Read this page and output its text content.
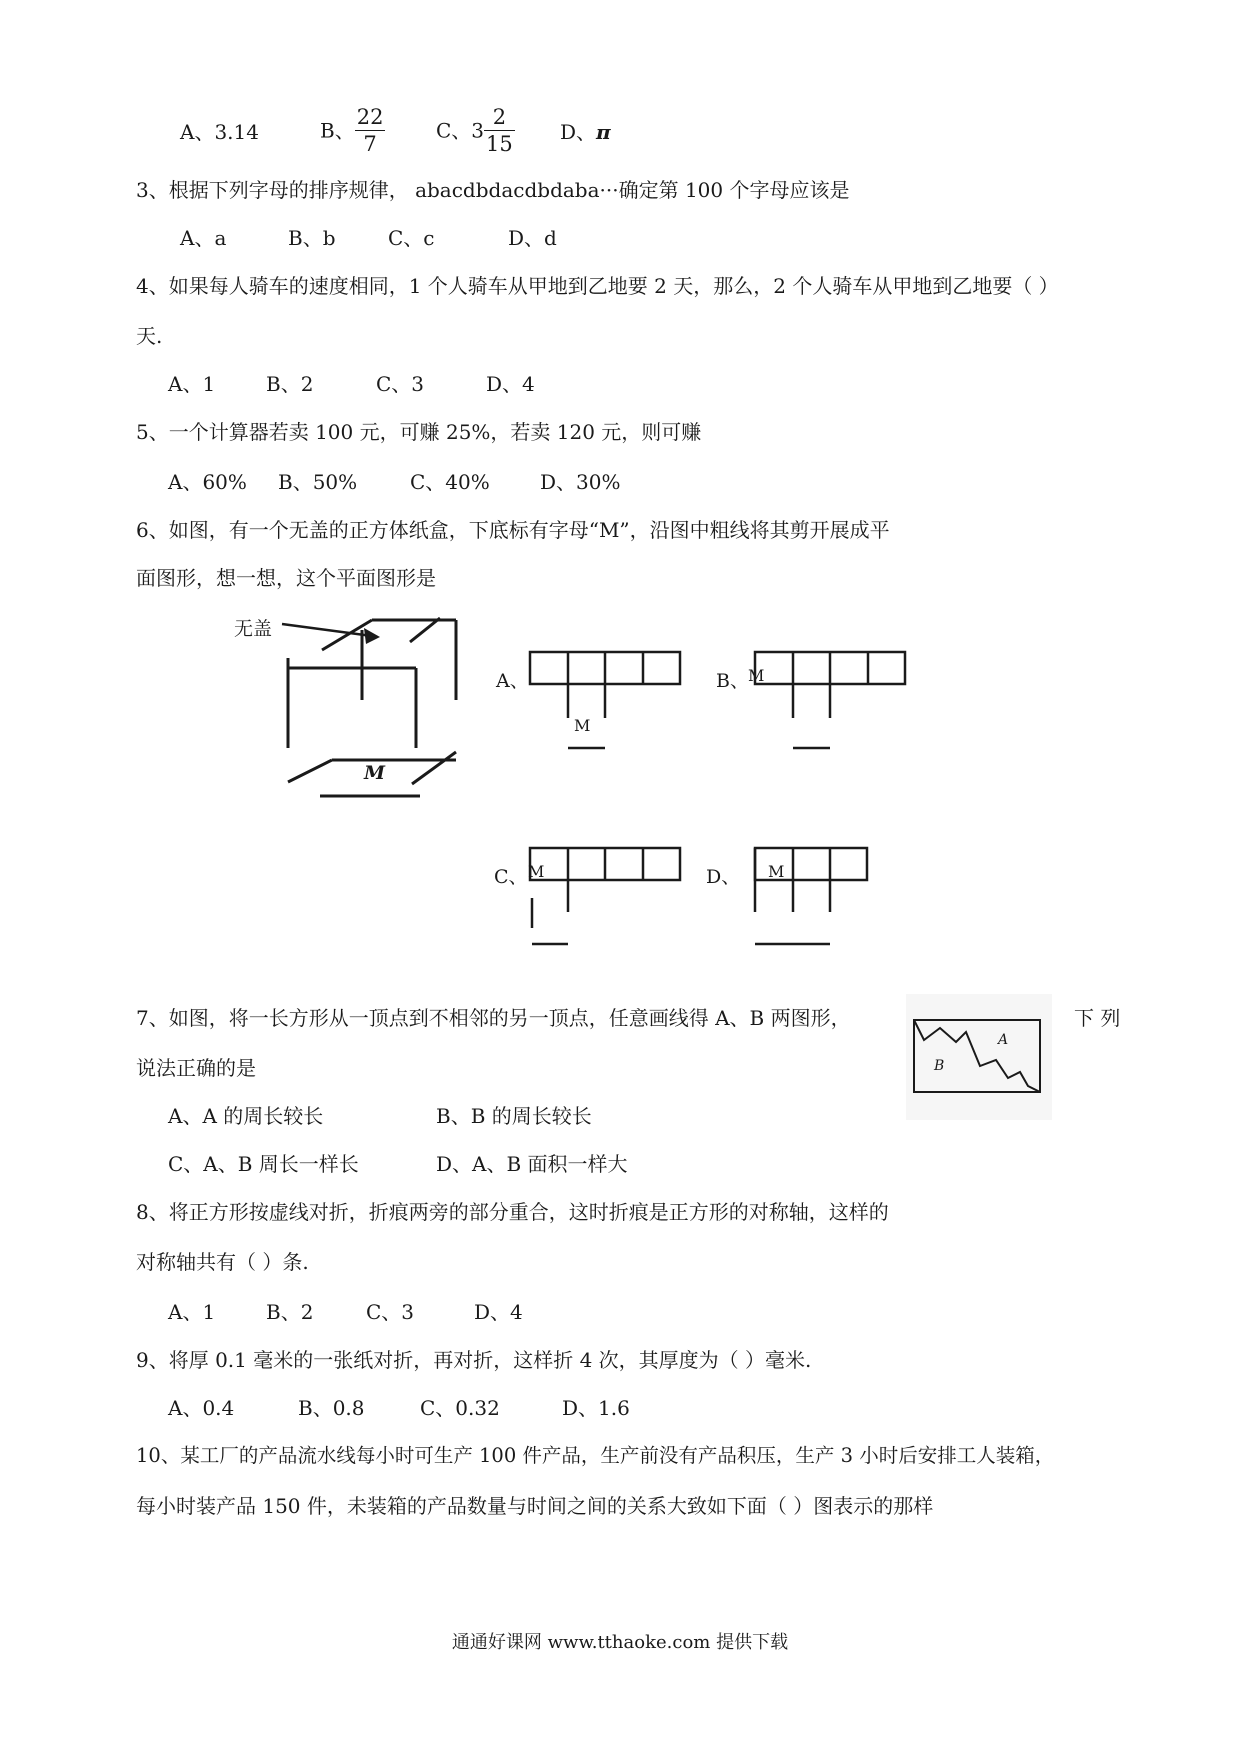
A、3.14	B、 $\frac{22}{7}$	C、$3 \frac{2}{15}$ D、π
3、根据下列字母的排序规律， abacdbdacdbdaba···确定第 100 个字母应该是
A、a	B、b	C、c	D、d
4、如果每人骑车的速度相同，1 个人骑车从甲地到乙地要 2 天，那么，2 个人骑车从甲地到乙地要（ ）
天.
A、1	B、2	C、3	D、4
5、一个计算器若卖 100 元，可赚 25%，若卖 120 元，则可赚
A、60% B、50%	C、40%	D、30%
6、如图，有一个无盖的正方体纸盒，下底标有字母“M”，沿图中粗线将其剪开展成平
面图形，想一想，这个平面图形是
无盖
M
A、
M
B、 M
C、 M	D、 M
7、如图，将一长方形从一顶点到不相邻的另一顶点，任意画线得 A、B 两图形，	下 列
说法正确的是
A
B
A、A 的周长较长	B、B 的周长较长
C、A、B 周长一样长	D、A、B 面积一样大
8、将正方形按虚线对折，折痕两旁的部分重合，这时折痕是正方形的对称轴，这样的
对称轴共有（ ）条.
A、1	B、2	C、3	D、4
9、将厚 0.1 毫米的一张纸对折，再对折，这样折 4 次，其厚度为（ ）毫米.
A、0.4	B、0.8	C、0.32	D、1.6
10、某工厂的产品流水线每小时可生产 100 件产品，生产前没有产品积压，生产 3 小时后安排工人装箱，
每小时装产品 150 件，未装箱的产品数量与时间之间的关系大致如下面（ ）图表示的那样
通通好课网 www.tthaoke.com 提供下载
